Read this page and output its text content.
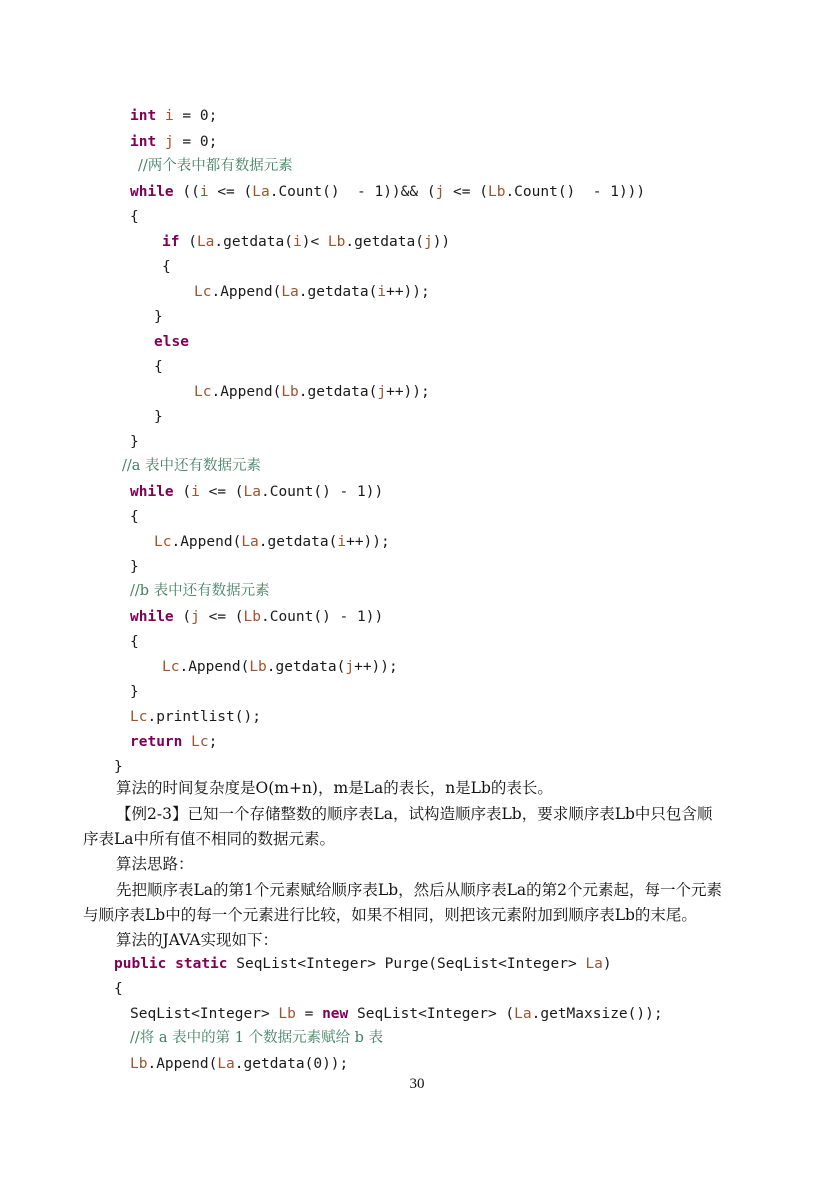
int i = 0;
int j = 0;
//两个表中都有数据元素
while ((i <= (La.Count()  - 1))&& (j <= (Lb.Count()  - 1)))
{
if (La.getdata(i)< Lb.getdata(j))
{
Lc.Append(La.getdata(i++));
}
else
{
Lc.Append(Lb.getdata(j++));
}
}
//a 表中还有数据元素
while (i <= (La.Count() - 1))
{
Lc.Append(La.getdata(i++));
}
//b 表中还有数据元素
while (j <= (Lb.Count() - 1))
{
Lc.Append(Lb.getdata(j++));
}
Lc.printlist();
return Lc;
}
算法的时间复杂度是O(m+n)，m是La的表长，n是Lb的表长。
【例2-3】已知一个存储整数的顺序表La，试构造顺序表Lb，要求顺序表Lb中只包含顺
序表La中所有值不相同的数据元素。
算法思路：
先把顺序表La的第1个元素赋给顺序表Lb，然后从顺序表La的第2个元素起，每一个元素
与顺序表Lb中的每一个元素进行比较，如果不相同，则把该元素附加到顺序表Lb的末尾。
算法的JAVA实现如下：
public static SeqList<Integer> Purge(SeqList<Integer> La)
{
SeqList<Integer> Lb = new SeqList<Integer> (La.getMaxsize());
//将 a 表中的第 1 个数据元素赋给 b 表
Lb.Append(La.getdata(0));
30
